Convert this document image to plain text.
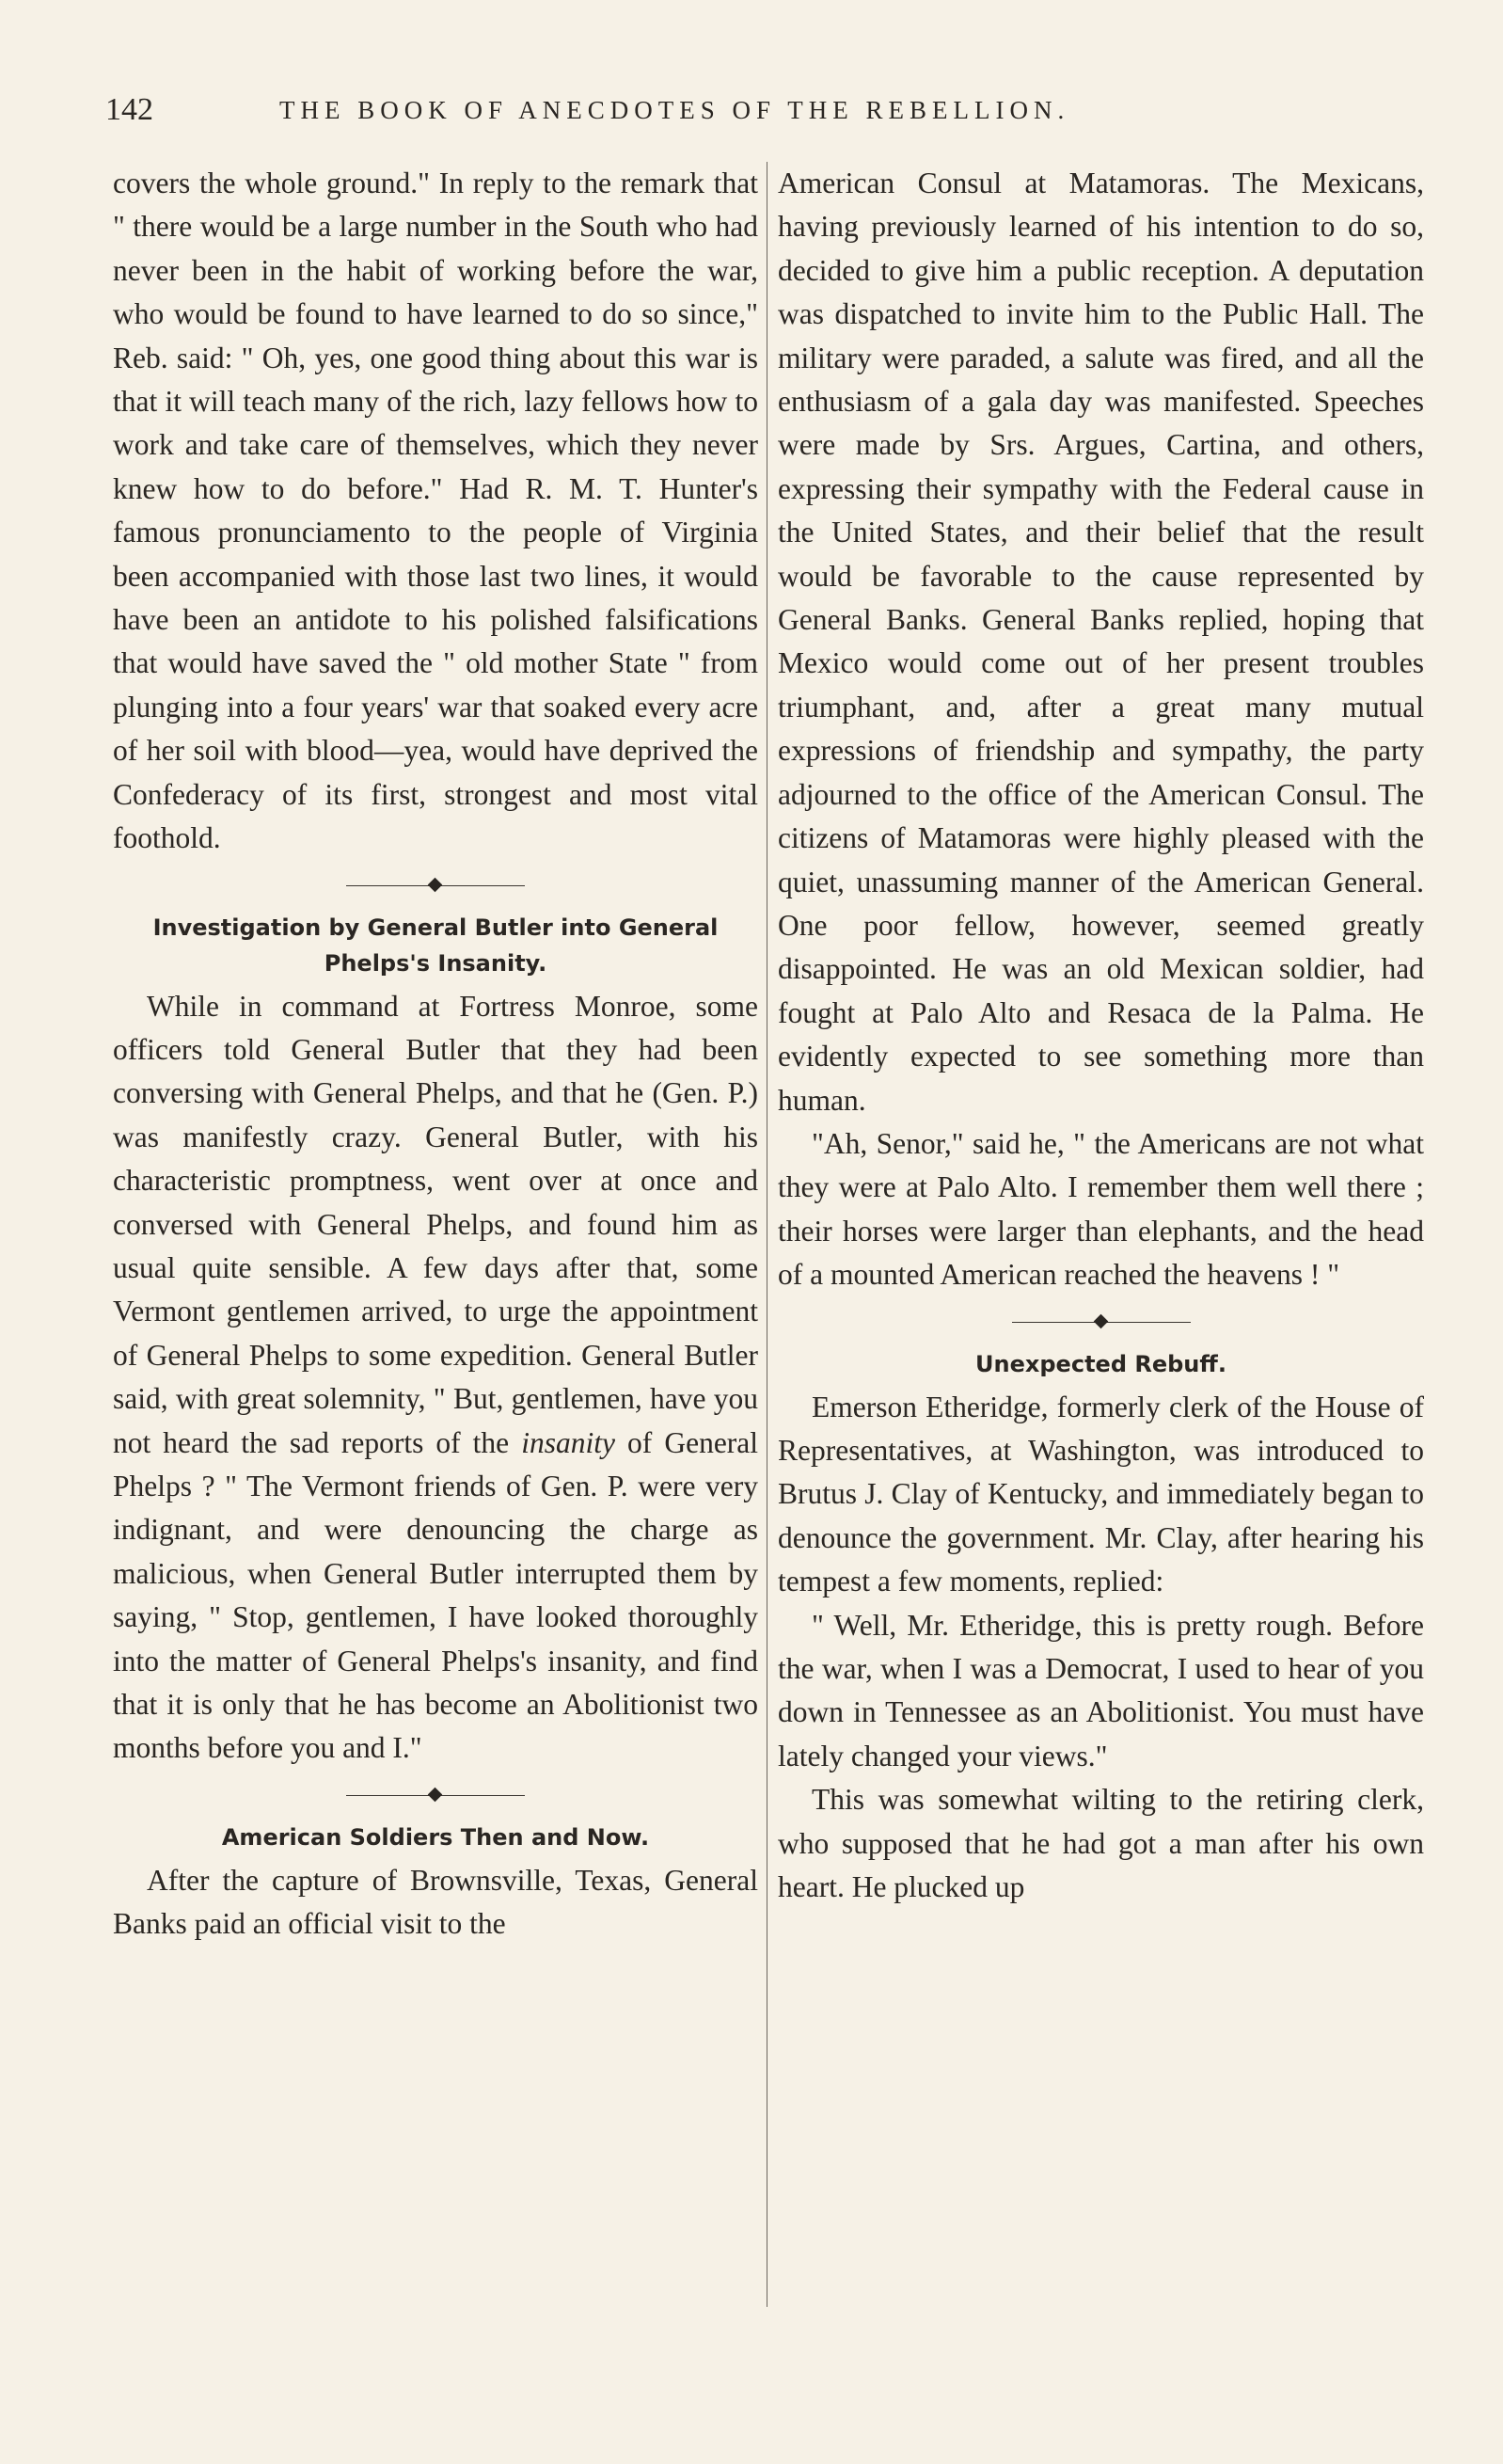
142	THE BOOK OF ANECDOTES OF THE REBELLION.

covers the whole ground." In reply to the remark that " there would be a large number in the South who had never been in the habit of working before the war, who would be found to have learned to do so since," Reb. said: " Oh, yes, one good thing about this war is that it will teach many of the rich, lazy fellows how to work and take care of themselves, which they never knew how to do before." Had R. M. T. Hunter's famous pronunciamento to the people of Virginia been accompanied with those last two lines, it would have been an antidote to his polished falsifications that would have saved the " old mother State " from plunging into a four years' war that soaked every acre of her soil with blood—yea, would have deprived the Confederacy of its first, strongest and most vital foothold.

Investigation by General Butler into General Phelps's Insanity.

While in command at Fortress Monroe, some officers told General Butler that they had been conversing with General Phelps, and that he (Gen. P.) was manifestly crazy. General Butler, with his characteristic promptness, went over at once and conversed with General Phelps, and found him as usual quite sensible. A few days after that, some Vermont gentlemen arrived, to urge the appointment of General Phelps to some expedition. General Butler said, with great solemnity, " But, gentlemen, have you not heard the sad reports of the insanity of General Phelps ? " The Vermont friends of Gen. P. were very indignant, and were denouncing the charge as malicious, when General Butler interrupted them by saying, " Stop, gentlemen, I have looked thoroughly into the matter of General Phelps's insanity, and find that it is only that he has become an Abolitionist two months before you and I."

American Soldiers Then and Now.

After the capture of Brownsville, Texas, General Banks paid an official visit to the

American Consul at Matamoras. The Mexicans, having previously learned of his intention to do so, decided to give him a public reception. A deputation was dispatched to invite him to the Public Hall. The military were paraded, a salute was fired, and all the enthusiasm of a gala day was manifested. Speeches were made by Srs. Argues, Cartina, and others, expressing their sympathy with the Federal cause in the United States, and their belief that the result would be favorable to the cause represented by General Banks. General Banks replied, hoping that Mexico would come out of her present troubles triumphant, and, after a great many mutual expressions of friendship and sympathy, the party adjourned to the office of the American Consul. The citizens of Matamoras were highly pleased with the quiet, unassuming manner of the American General. One poor fellow, however, seemed greatly disappointed. He was an old Mexican soldier, had fought at Palo Alto and Resaca de la Palma. He evidently expected to see something more than human.

"Ah, Senor," said he, " the Americans are not what they were at Palo Alto. I remember them well there ; their horses were larger than elephants, and the head of a mounted American reached the heavens ! "

Unexpected Rebuff.

Emerson Etheridge, formerly clerk of the House of Representatives, at Washington, was introduced to Brutus J. Clay of Kentucky, and immediately began to denounce the government. Mr. Clay, after hearing his tempest a few moments, replied:

" Well, Mr. Etheridge, this is pretty rough. Before the war, when I was a Democrat, I used to hear of you down in Tennessee as an Abolitionist. You must have lately changed your views."

This was somewhat wilting to the retiring clerk, who supposed that he had got a man after his own heart. He plucked up
